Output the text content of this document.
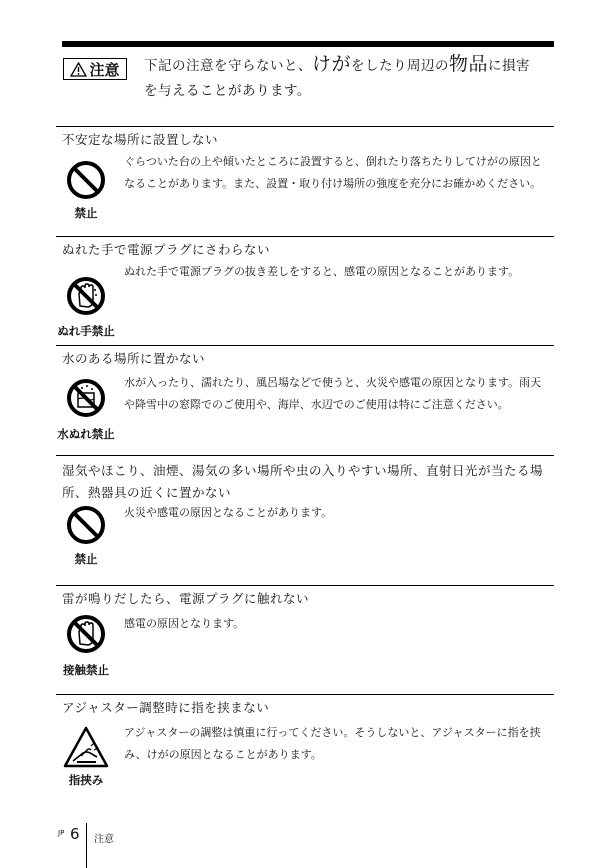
注意 下記の注意を守らないと、けがをしたり周辺の物品に損害
を与えることがあります。
不安定な場所に設置しない
禁止
ぐらついた台の上や傾いたところに設置すると、倒れたり落ちたりしてけがの原因となることがあります。また、設置・取り付け場所の強度を充分にお確かめください。
ぬれた手で電源プラグにさわらない
ぬれ手禁止
ぬれた手で電源プラグの抜き差しをすると、感電の原因となることがあります。
水のある場所に置かない
水ぬれ禁止
水が入ったり、濡れたり、風呂場などで使うと、火災や感電の原因となります。雨天や降雪中の窓際でのご使用や、海岸、水辺でのご使用は特にご注意ください。
湿気やほこり、油煙、湯気の多い場所や虫の入りやすい場所、直射日光が当たる場所、熱器具の近くに置かない
禁止
火災や感電の原因となることがあります。
雷が鳴りだしたら、電源プラグに触れない
接触禁止
感電の原因となります。
アジャスター調整時に指を挟まない
指挟み
アジャスターの調整は慎重に行ってください。そうしないと、アジャスターに指を挟み、けがの原因となることがあります。
JP 6 注意
